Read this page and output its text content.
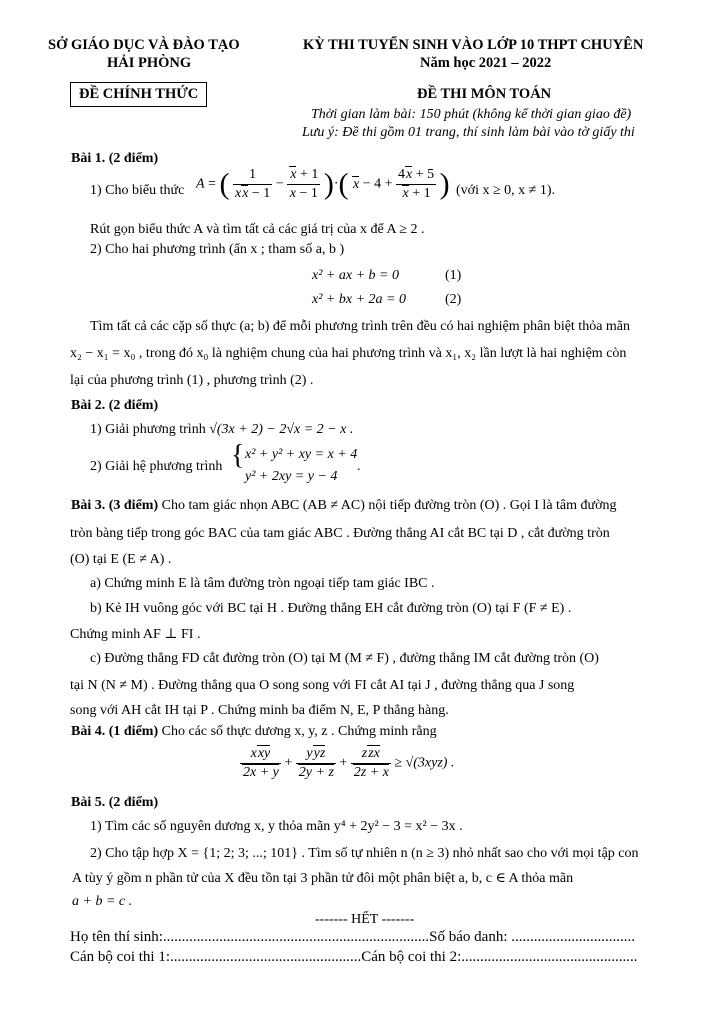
SỞ GIÁO DỤC VÀ ĐÀO TẠO
HẢI PHÒNG
ĐỀ CHÍNH THỨC
KỲ THI TUYỂN SINH VÀO LỚP 10 THPT CHUYÊN
Năm học 2021 – 2022
ĐỀ THI MÔN TOÁN
Thời gian làm bài: 150 phút (không kể thời gian giao đề)
Lưu ý: Đề thi gồm 01 trang, thí sinh làm bài vào tờ giấy thi
Bài 1. (2 điểm)
1) Cho biểu thức A = ( $\frac{1}{xx - 1} - \frac{x + 1}{x - 1}$ )·( $x - 4 + \frac{4x + 5}{x + 1}$ ) (với x ≥ 0, x ≠ 1).
Rút gọn biểu thức A và tìm tất cả các giá trị của x để A ≥ 2 .
2) Cho hai phương trình (ẩn x ; tham số a, b )
x² + ax + b = 0	(1)
x² + bx + 2a = 0	(2)
Tìm tất cả các cặp số thực (a; b) để mỗi phương trình trên đều có hai nghiệm phân biệt thỏa mãn
x₂ − x₁ = x₀ , trong đó x₀ là nghiệm chung của hai phương trình và x₁, x₂ lần lượt là hai nghiệm còn
lại của phương trình (1) , phương trình (2) .
Bài 2. (2 điểm)
1) Giải phương trình √(3x + 2) − 2√x = 2 − x .
2) Giải hệ phương trình { x² + y² + xy = x + 4
y² + 2xy = y − 4
.
Bài 3. (3 điểm) Cho tam giác nhọn ABC (AB ≠ AC) nội tiếp đường tròn (O) . Gọi I là tâm đường
tròn bàng tiếp trong góc BAC của tam giác ABC . Đường thẳng AI cắt BC tại D , cắt đường tròn
(O) tại E (E ≠ A) .
a) Chứng minh E là tâm đường tròn ngoại tiếp tam giác IBC .
b) Kẻ IH vuông góc với BC tại H . Đường thẳng EH cắt đường tròn (O) tại F (F ≠ E) .
Chứng minh AF ⊥ FI .
c) Đường thẳng FD cắt đường tròn (O) tại M (M ≠ F) , đường thẳng IM cắt đường tròn (O)
tại N (N ≠ M) . Đường thẳng qua O song song với FI cắt AI tại J , đường thẳng qua J song
song với AH cắt IH tại P . Chứng minh ba điểm N, E, P thẳng hàng.
Bài 4. (1 điểm) Cho các số thực dương x, y, z . Chứng minh rằng
$\frac{\text{xxy}}{2x + y} + \frac{\text{yyz}}{2y + z} + \frac{\text{zzx}}{2z + x} \ge √(3xyz)$ .
Bài 5. (2 điểm)
1) Tìm các số nguyên dương x, y thỏa mãn y⁴ + 2y² − 3 = x² − 3x .
2) Cho tập hợp X = {1; 2; 3; ...; 101} . Tìm số tự nhiên n (n ≥ 3) nhỏ nhất sao cho với mọi tập con
A tùy ý gồm n phần tử của X đều tồn tại 3 phần tử đôi một phân biệt a, b, c ∈ A thỏa mãn
a + b = c .
------- HẾT -------
Họ tên thí sinh:.......................................................................Số báo danh: .................................
Cán bộ coi thi 1:...................................................Cán bộ coi thi 2:...............................................
